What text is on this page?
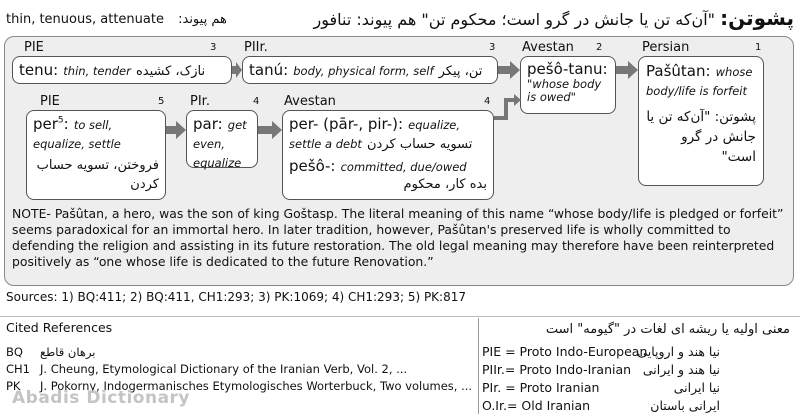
thin, tenuous, attenuate هم پیوند:	پشوتن: "آن‌که تن یا جانش در گرو است؛ محکوم تن" هم پیوند: تنافور
PIE	3 PIIr.	3 Avestan 2	Persian	1
tenu: thin, tender نازک، کشیده	tanú: body, physical form, self تن، پیکر	pešô-tanu:
"whose body is owed"
Pašûtan: whose body/life is forfeit
پشوتن: "آن‌که تن یا جانش در گرو است"
PIE	5 PIr.	4 Avestan	4
per$^5$: to sell, equalize, settle
فروختن، تسویه حساب کردن
par: get even, equalize
per- (pār-, pir-): equalize, settle a debt تسویه حساب کردن
pešô-: committed, due/owed
بده کار، محکوم
NOTE- Pašûtan, a hero, was the son of king Goštasp. The literal meaning of this name “whose body/life is pledged or forfeit” seems paradoxical for an immortal hero. In later tradition, however, Pašûtan's preserved life is wholly committed to defending the religion and assisting in its future restoration. The old legal meaning may therefore have been reinterpreted positively as “one whose life is dedicated to the future Renovation.”
Sources: 1) BQ:411; 2) BQ:411, CH1:293; 3) PK:1069; 4) CH1:293; 5) PK:817
Cited References
BQ	برهان قاطع
CH1 J. Cheung, Etymological Dictionary of the Iranian Verb, Vol. 2, ...
PK	J. Pokorny, Indogermanisches Etymologisches Worterbuck, Two volumes, ...
معنی اولیه یا ریشه ای لغات در "گیومه" است
PIE = Proto Indo-European
نیا هند و اروپایی
PIIr.= Proto Indo-Iranian نیا هند و ایرانی
PIr. = Proto Iranian	نیا ایرانی
O.Ir.= Old Iranian	ایرانی باستان
Abadis Dictionary
